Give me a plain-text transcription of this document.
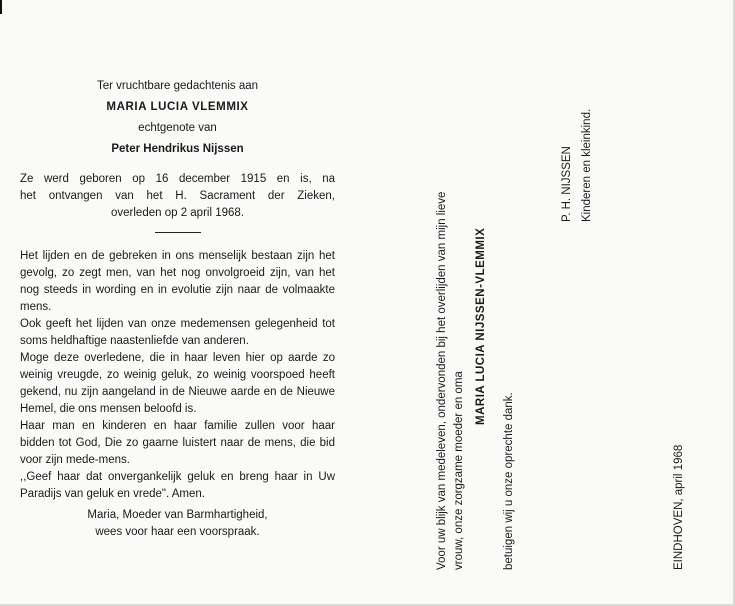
Ter vruchtbare gedachtenis aan

MARIA LUCIA VLEMMIX

echtgenote van

Peter Hendrikus Nijssen

Ze werd geboren op 16 december 1915 en is, na
het ontvangen van het H. Sacrament der Zieken,
overleden op 2 april 1968.

Het lijden en de gebreken in ons menselijk bestaan zijn het gevolg, zo zegt men, van het nog onvolgroeid zijn, van het nog steeds in wording en in evolutie zijn naar de volmaakte mens.

Ook geeft het lijden van onze medemensen gelegenheid tot soms heldhaftige naastenliefde van anderen.

Moge deze overledene, die in haar leven hier op aarde zo weinig vreugde, zo weinig geluk, zo weinig voorspoed heeft gekend, nu zijn aangeland in de Nieuwe aarde en de Nieuwe Hemel, die ons mensen beloofd is.

Haar man en kinderen en haar familie zullen voor haar bidden tot God, Die zo gaarne luistert naar de mens, die bid voor zijn mede-mens.

,,Geef haar dat onvergankelijk geluk en breng haar in Uw Paradijs van geluk en vrede". Amen.

Maria, Moeder van Barmhartigheid,
wees voor haar een voorspraak.	Voor uw blijk van medeleven, ondervonden bij het overlijden van mijn lieve vrouw, onze zorgzame moeder en oma
MARIA LUCIA NIJSSEN-VLEMMIX
betuigen wij u onze oprechte dank.
P. H. NIJSSEN Kinderen en kleinkind.
EINDHOVEN, april 1968
